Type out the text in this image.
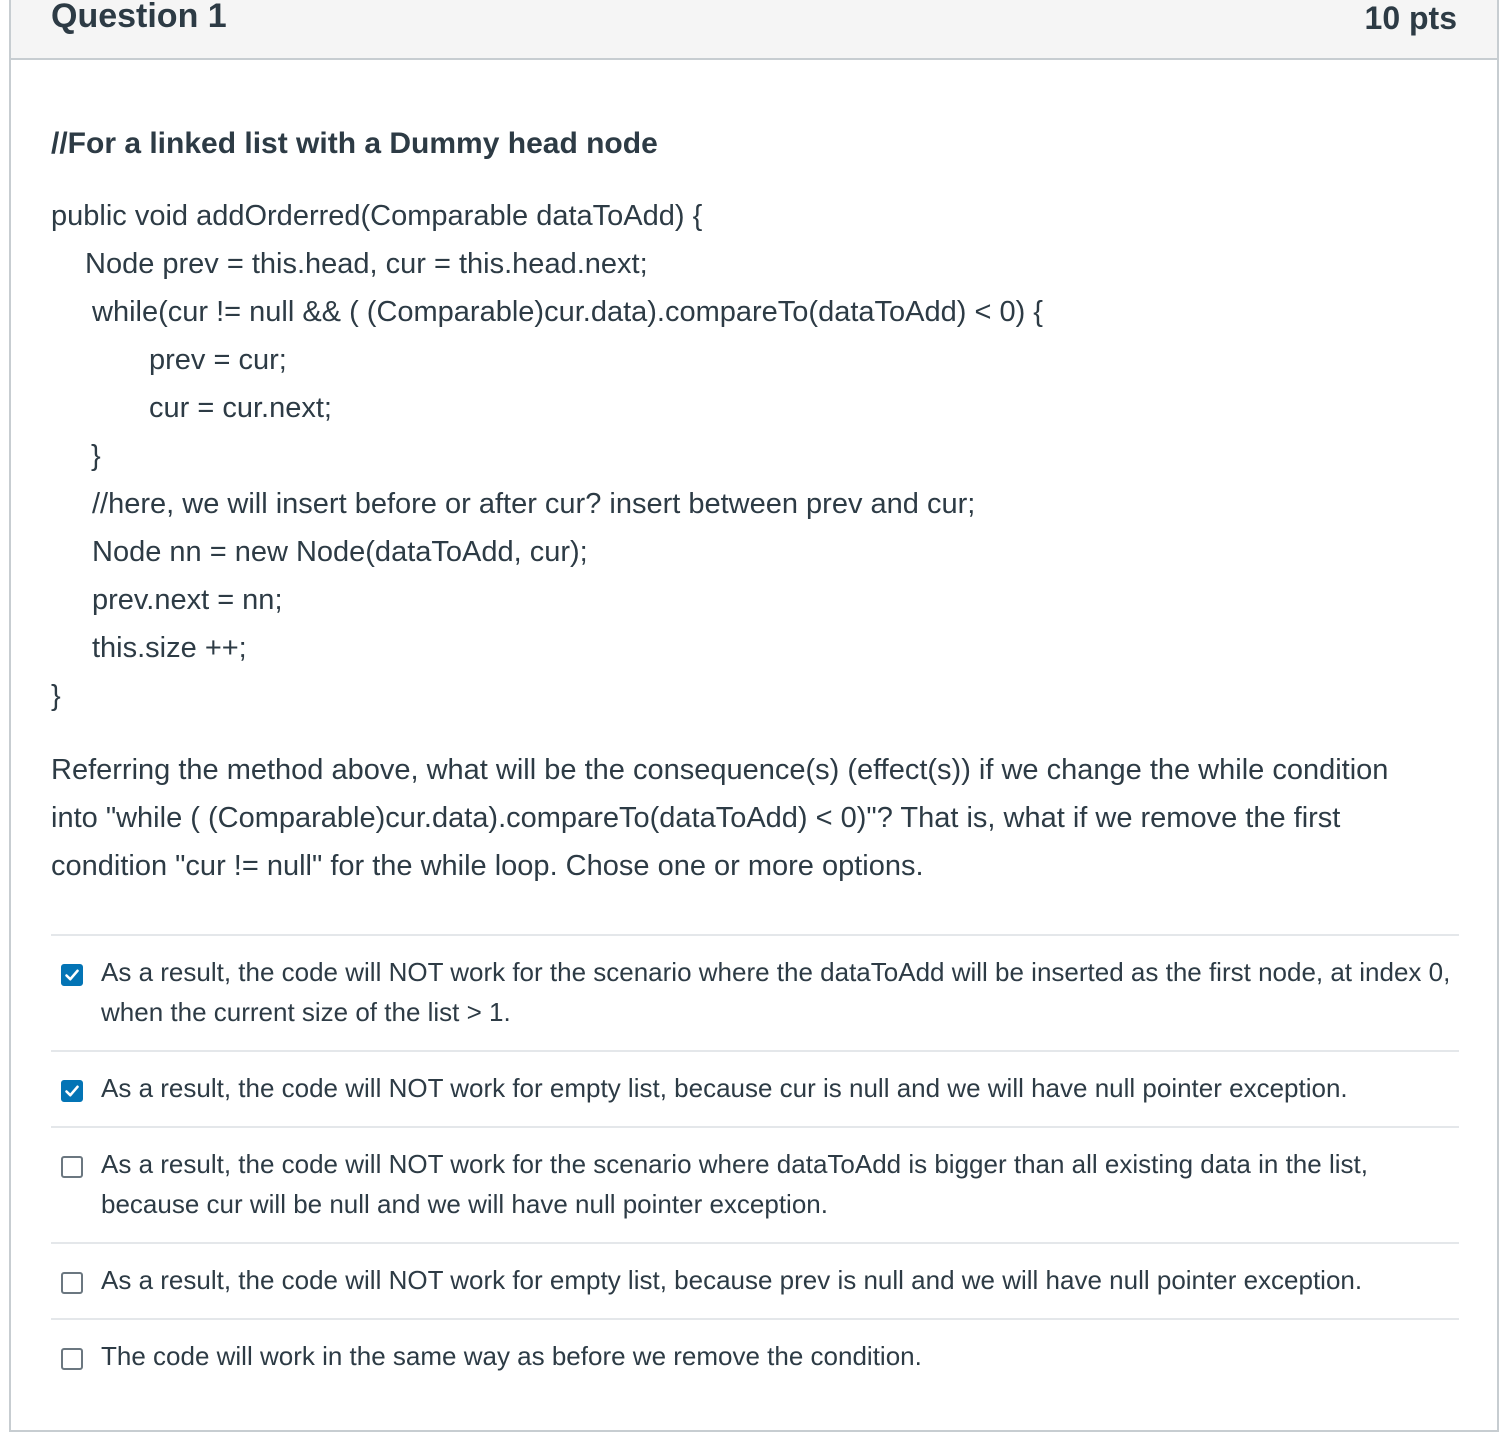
Question 1	10 pts
//For a linked list with a Dummy head node
public void addOrderred(Comparable dataToAdd) {
Node prev = this.head, cur = this.head.next;
while(cur != null && ( (Comparable)cur.data).compareTo(dataToAdd) < 0) {
prev = cur;
cur = cur.next;
}
//here, we will insert before or after cur? insert between prev and cur;
Node nn = new Node(dataToAdd, cur);
prev.next = nn;
this.size ++;
}
Referring the method above, what will be the consequence(s) (effect(s)) if we change the while condition into "while ( (Comparable)cur.data).compareTo(dataToAdd) < 0)"? That is, what if we remove the first condition "cur != null" for the while loop. Chose one or more options.
As a result, the code will NOT work for the scenario where the dataToAdd will be inserted as the first node, at index 0, when the current size of the list > 1.
As a result, the code will NOT work for empty list, because cur is null and we will have null pointer exception.
As a result, the code will NOT work for the scenario where dataToAdd is bigger than all existing data in the list, because cur will be null and we will have null pointer exception.
As a result, the code will NOT work for empty list, because prev is null and we will have null pointer exception.
The code will work in the same way as before we remove the condition.
